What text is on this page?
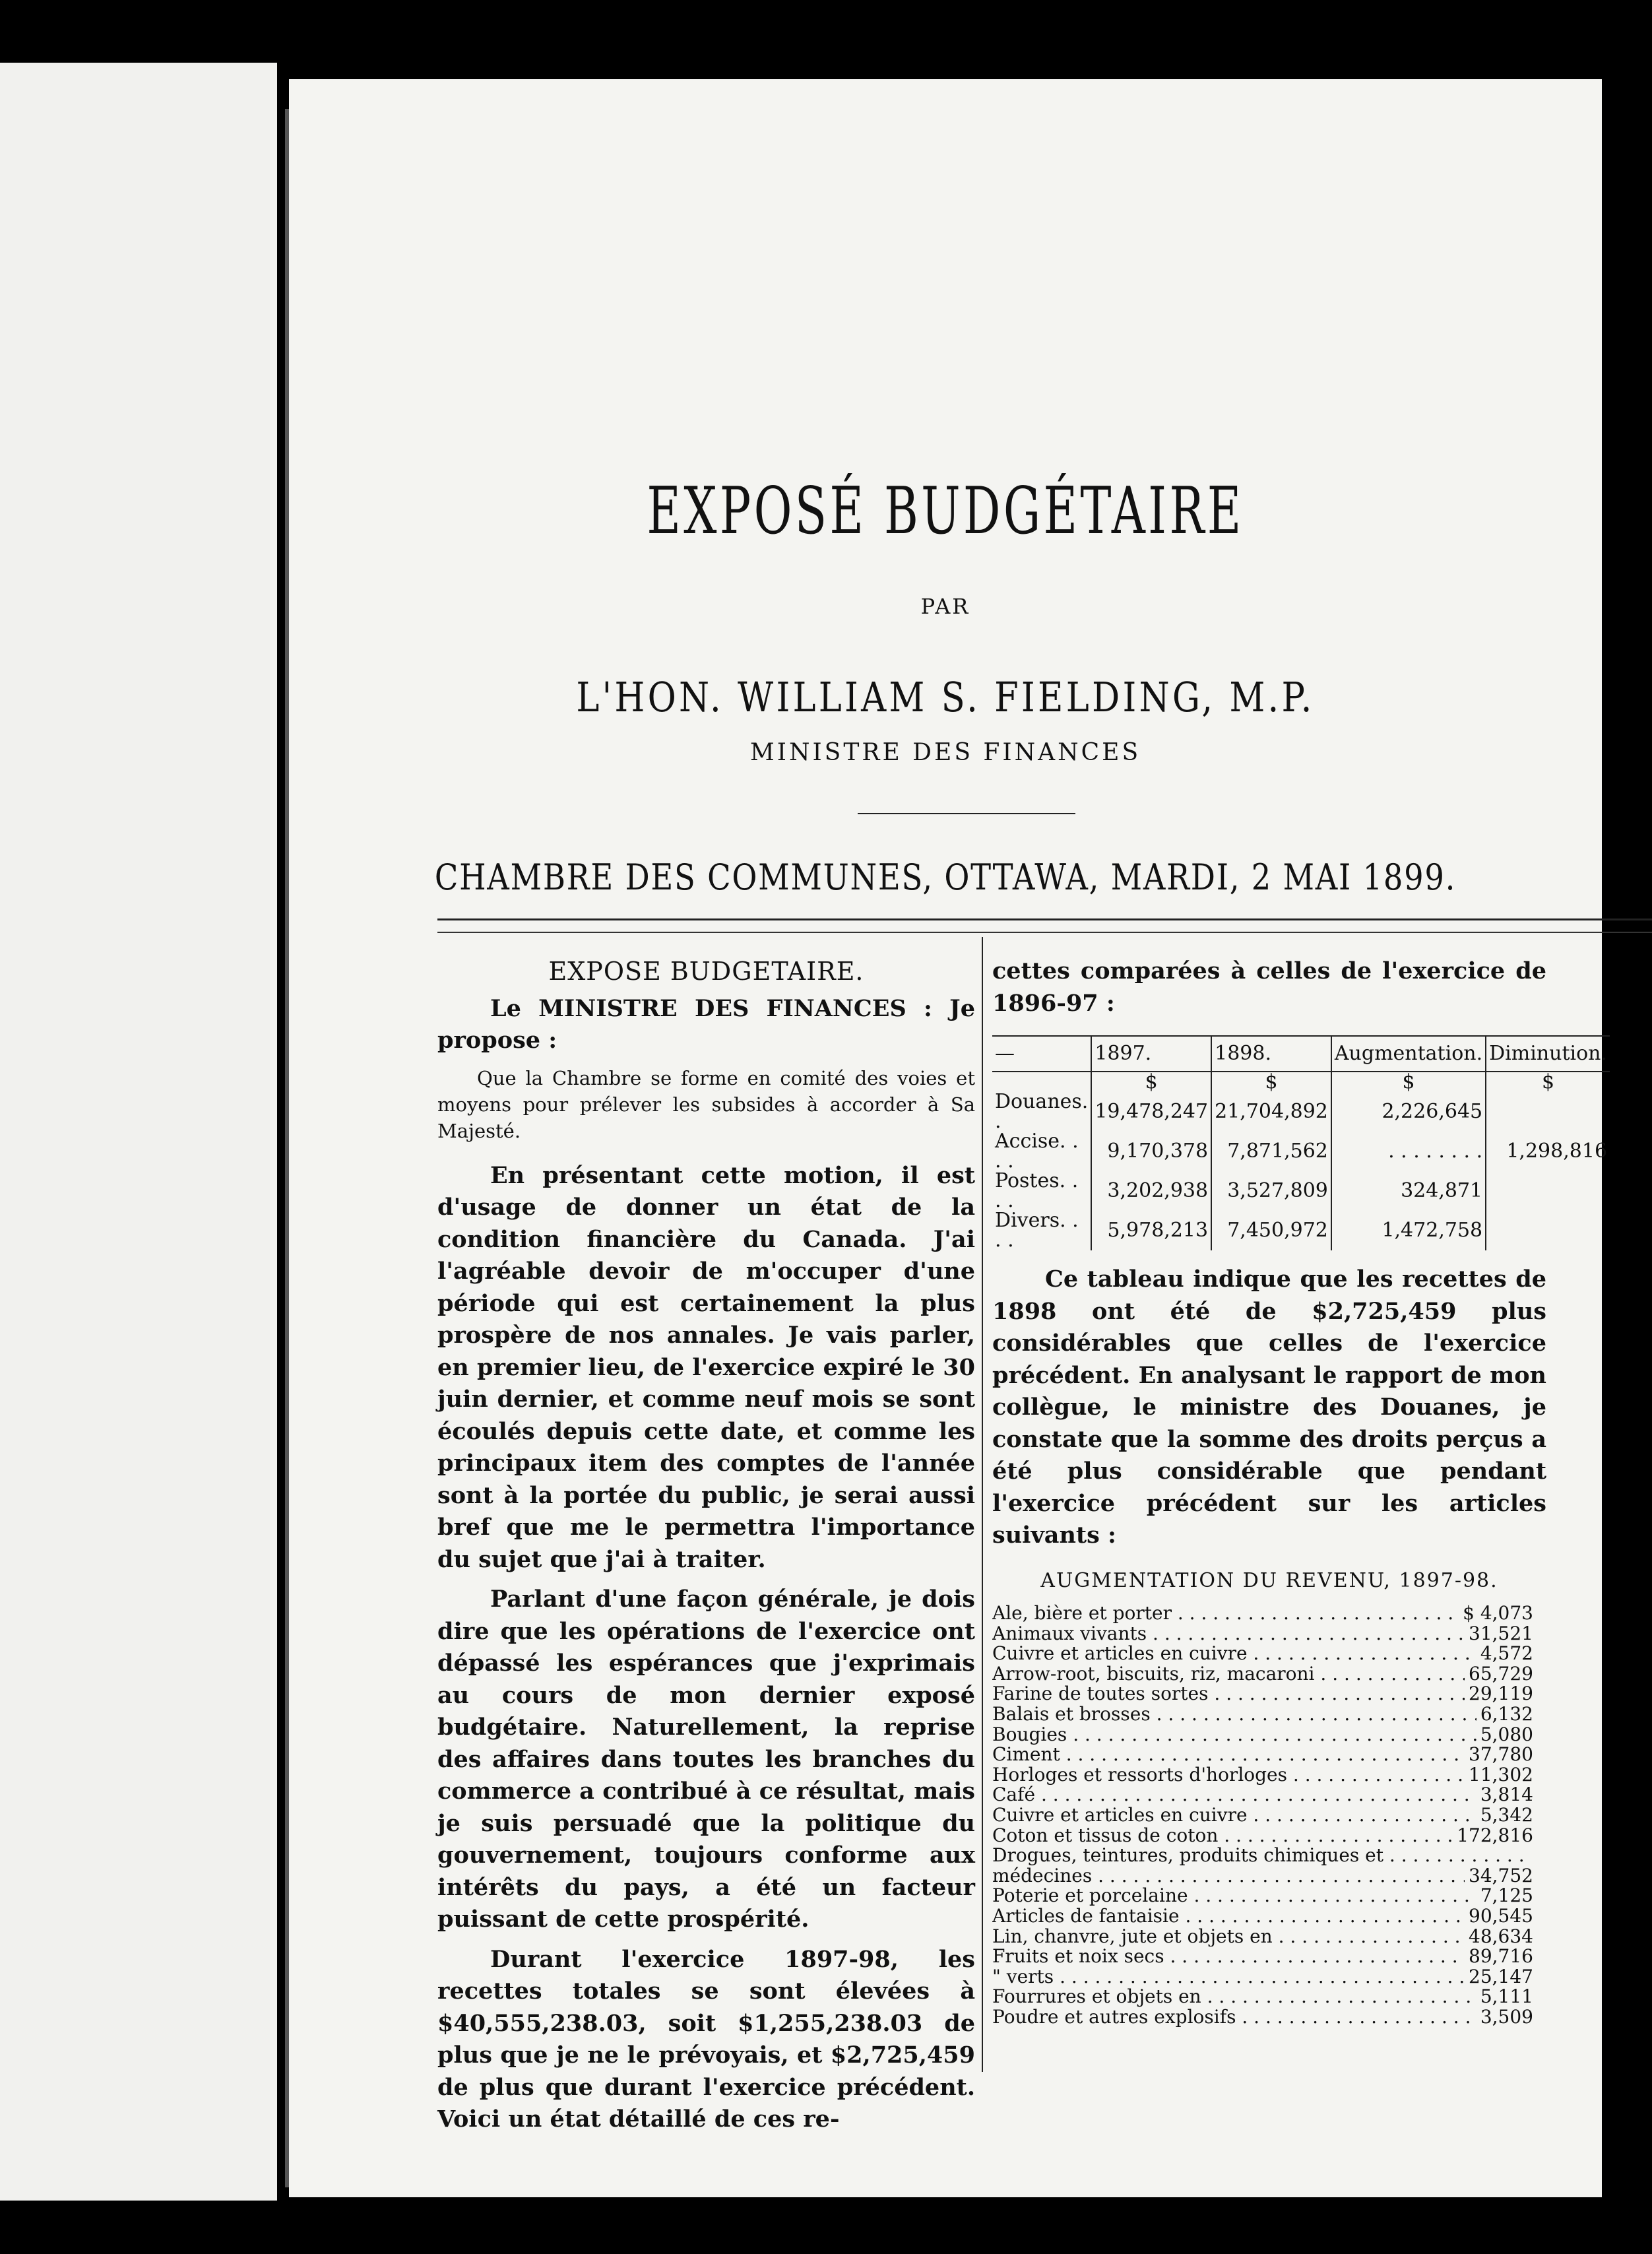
EXPOSÉ BUDGÉTAIRE
PAR
L'HON. WILLIAM S. FIELDING, M.P.
MINISTRE DES FINANCES
CHAMBRE DES COMMUNES, OTTAWA, MARDI, 2 MAI 1899.
EXPOSE BUDGETAIRE.

Le MINISTRE DES FINANCES : Je propose :

Que la Chambre se forme en comité des voies et moyens pour prélever les subsides à accorder à Sa Majesté.

En présentant cette motion, il est d'usage de donner un état de la condition financière du Canada. J'ai l'agréable devoir de m'occuper d'une période qui est certainement la plus prospère de nos annales. Je vais parler, en premier lieu, de l'exercice expiré le 30 juin dernier, et comme neuf mois se sont écoulés depuis cette date, et comme les principaux item des comptes de l'année sont à la portée du public, je serai aussi bref que me le permettra l'importance du sujet que j'ai à traiter.

Parlant d'une façon générale, je dois dire que les opérations de l'exercice ont dépassé les espérances que j'exprimais au cours de mon dernier exposé budgétaire. Naturellement, la reprise des affaires dans toutes les branches du commerce a contribué à ce résultat, mais je suis persuadé que la politique du gouvernement, toujours conforme aux intérêts du pays, a été un facteur puissant de cette prospérité.

Durant l'exercice 1897-98, les recettes totales se sont élevées à $40,555,238.03, soit $1,255,238.03 de plus que je ne le prévoyais, et $2,725,459 de plus que durant l'exercice précédent. Voici un état détaillé de ces re-

cettes comparées à celles de l'exercice de 1896-97 :
—	1897.	1898.	Augmentation.	Diminution.
	$	$	$	$
Douanes. .	19,478,247	21,704,892	2,226,645	
Accise. . . .	9,170,378	7,871,562	. . . . . . . .	1,298,816
Postes. . . .	3,202,938	3,527,809	324,871	
Divers. . . .	5,978,213	7,450,972	1,472,758	

Ce tableau indique que les recettes de 1898 ont été de $2,725,459 plus considérables que celles de l'exercice précédent. En analysant le rapport de mon collègue, le ministre des Douanes, je constate que la somme des droits perçus a été plus considérable que pendant l'exercice précédent sur les articles suivants :

AUGMENTATION DU REVENU, 1897-98.
Ale, bière et porter . . .	$ 4,073
Animaux vivants . . .	31,521
Cuivre et articles en cuivre . . .	4,572
Arrow-root, biscuits, riz, macaroni . . .	65,729
Farine de toutes sortes . . .	29,119
Balais et brosses . . .	6,132
Bougies . . .	5,080
Ciment . . .	37,780
Horloges et ressorts d'horloges . . .	11,302
Café . . .	3,814
Cuivre et articles en cuivre . . .	5,342
Coton et tissus de coton . . .	172,816
Drogues, teintures, produits chimiques et . . .
médecines . . .	34,752
Poterie et porcelaine . . .	7,125
Articles de fantaisie . . .	90,545
Lin, chanvre, jute et objets en . . .	48,634
Fruits et noix secs . . .	89,716
" verts . . .	25,147
Fourrures et objets en . . .	5,111
Poudre et autres explosifs . . .	3,509
